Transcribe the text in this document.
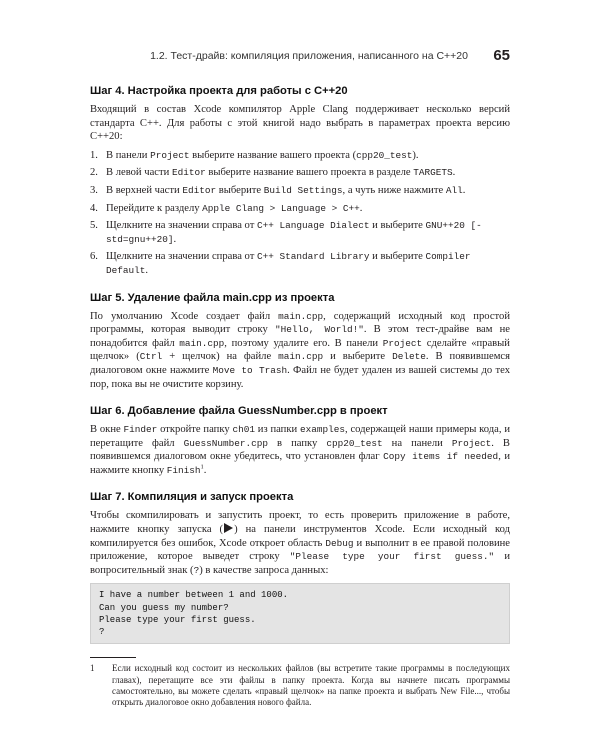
1.2. Тест-драйв: компиляция приложения, написанного на C++20 65
Шаг 4. Настройка проекта для работы с C++20

Входящий в состав Xcode компилятор Apple Clang поддерживает несколько версий стандарта C++. Для работы с этой книгой надо выбрать в параметрах проекта версию C++20:

1. В панели Project выберите название вашего проекта (cpp20_test).
2. В левой части Editor выберите название вашего проекта в разделе TARGETS.
3. В верхней части Editor выберите Build Settings, а чуть ниже нажмите All.
4. Перейдите к разделу Apple Clang > Language > C++.
5. Щелкните на значении справа от C++ Language Dialect и выберите GNU++20 [-std=gnu++20].
6. Щелкните на значении справа от C++ Standard Library и выберите Compiler Default.
Шаг 5. Удаление файла main.cpp из проекта

По умолчанию Xcode создает файл main.cpp, содержащий исходный код простой программы, которая выводит строку "Hello, World!". В этом тест-драйве вам не понадобится файл main.cpp, поэтому удалите его. В панели Project сделайте «правый щелчок» (Ctrl + щелчок) на файле main.cpp и выберите Delete. В появившемся диалоговом окне нажмите Move to Trash. Файл не будет удален из вашей системы до тех пор, пока вы не очистите корзину.

Шаг 6. Добавление файла GuessNumber.cpp в проект

В окне Finder откройте папку ch01 из папки examples, содержащей наши примеры кода, и перетащите файл GuessNumber.cpp в папку cpp20_test на панели Project. В появившемся диалоговом окне убедитесь, что установлен флаг Copy items if needed, и нажмите кнопку Finish$^1$.

Шаг 7. Компиляция и запуск проекта

Чтобы скомпилировать и запустить проект, то есть проверить приложение в работе, нажмите кнопку запуска ( ) на панели инструментов Xcode. Если исходный код компилируется без ошибок, Xcode откроет область Debug и выполнит в ее правой половине приложение, которое выведет строку "Please type your first guess." и вопросительный знак (?) в качестве запроса данных:

I have a number between 1 and 1000.
Can you guess my number?
Please type your first guess.
?
1 Если исходный код состоит из нескольких файлов (вы встретите такие программы в последующих главах), перетащите все эти файлы в папку проекта. Когда вы начнете писать программы самостоятельно, вы можете сделать «правый щелчок» на папке проекта и выбрать New File..., чтобы открыть диалоговое окно добавления нового файла.
